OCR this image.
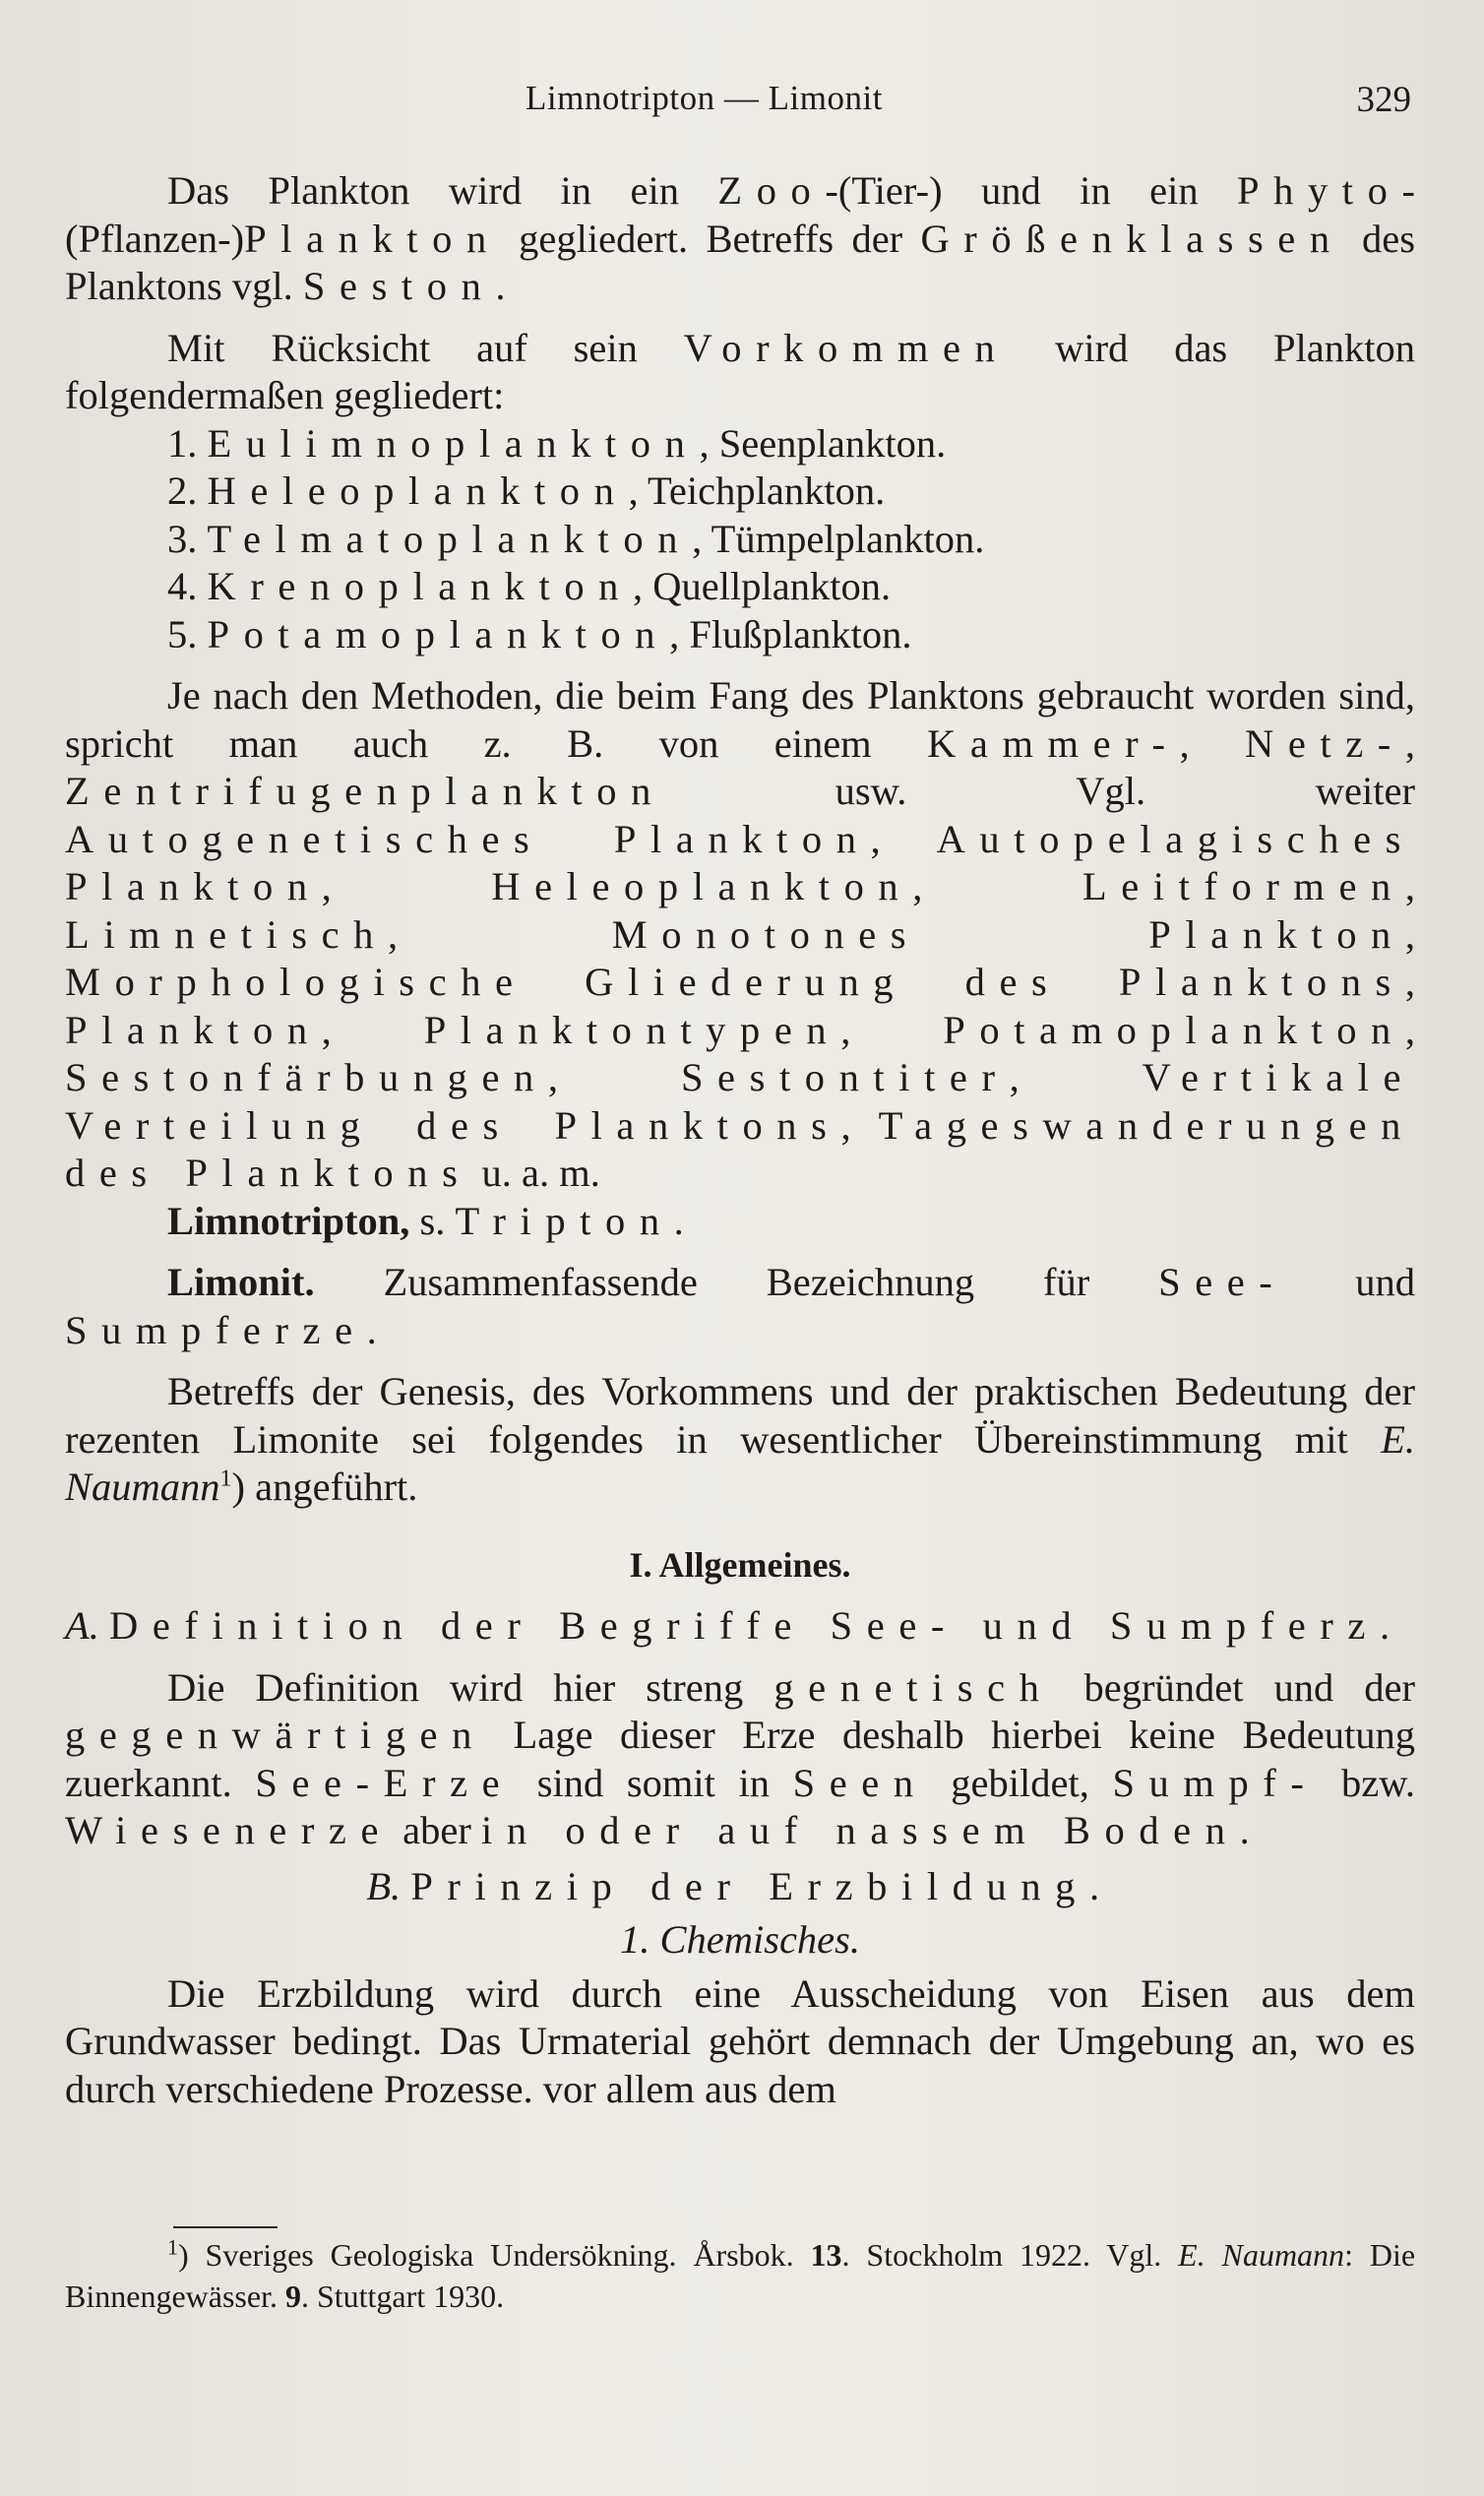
Limnotripton — Limonit	329

Das Plankton wird in ein Zoo-(Tier-) und in ein Phyto-(Pflanzen-)Plankton gegliedert. Betreffs der Größenklassen des Planktons vgl. Seston.

Mit Rücksicht auf sein Vorkommen wird das Plankton folgendermaßen gegliedert:

1. Eulimnoplankton, Seenplankton.
2. Heleoplankton, Teichplankton.
3. Telmatoplankton, Tümpelplankton.
4. Krenoplankton, Quellplankton.
5. Potamoplankton, Flußplankton.

Je nach den Methoden, die beim Fang des Planktons gebraucht worden sind, spricht man auch z. B. von einem Kammer-, Netz-, Zentrifugenplankton usw. Vgl. weiter Autogenetisches Plankton, Autopelagisches Plankton, Heleoplankton, Leitformen, Limnetisch, Monotones Plankton, Morphologische Gliederung des Planktons, Plankton, Planktontypen, Potamoplankton, Sestonfärbungen, Sestontiter, Vertikale Verteilung des Planktons, Tageswanderungen des Planktons u. a. m.

Limnotripton, s. Tripton.

Limonit. Zusammenfassende Bezeichnung für See- und Sumpferze.

Betreffs der Genesis, des Vorkommens und der praktischen Bedeutung der rezenten Limonite sei folgendes in wesentlicher Übereinstimmung mit E. Naumann$^1$) angeführt.

I. Allgemeines.

A. Definition der Begriffe See- und Sumpferz.

Die Definition wird hier streng genetisch begründet und der gegenwärtigen Lage dieser Erze deshalb hierbei keine Bedeutung zuerkannt. See-Erze sind somit in Seen gebildet, Sumpf- bzw. Wiesenerze aber in oder auf nassem Boden.

B. Prinzip der Erzbildung.

1. Chemisches.

Die Erzbildung wird durch eine Ausscheidung von Eisen aus dem Grundwasser bedingt. Das Urmaterial gehört demnach der Umgebung an, wo es durch verschiedene Prozesse. vor allem aus dem

$^1$) Sveriges Geologiska Undersökning. Årsbok. 13. Stockholm 1922. Vgl. E. Naumann: Die Binnengewässer. 9. Stuttgart 1930.
